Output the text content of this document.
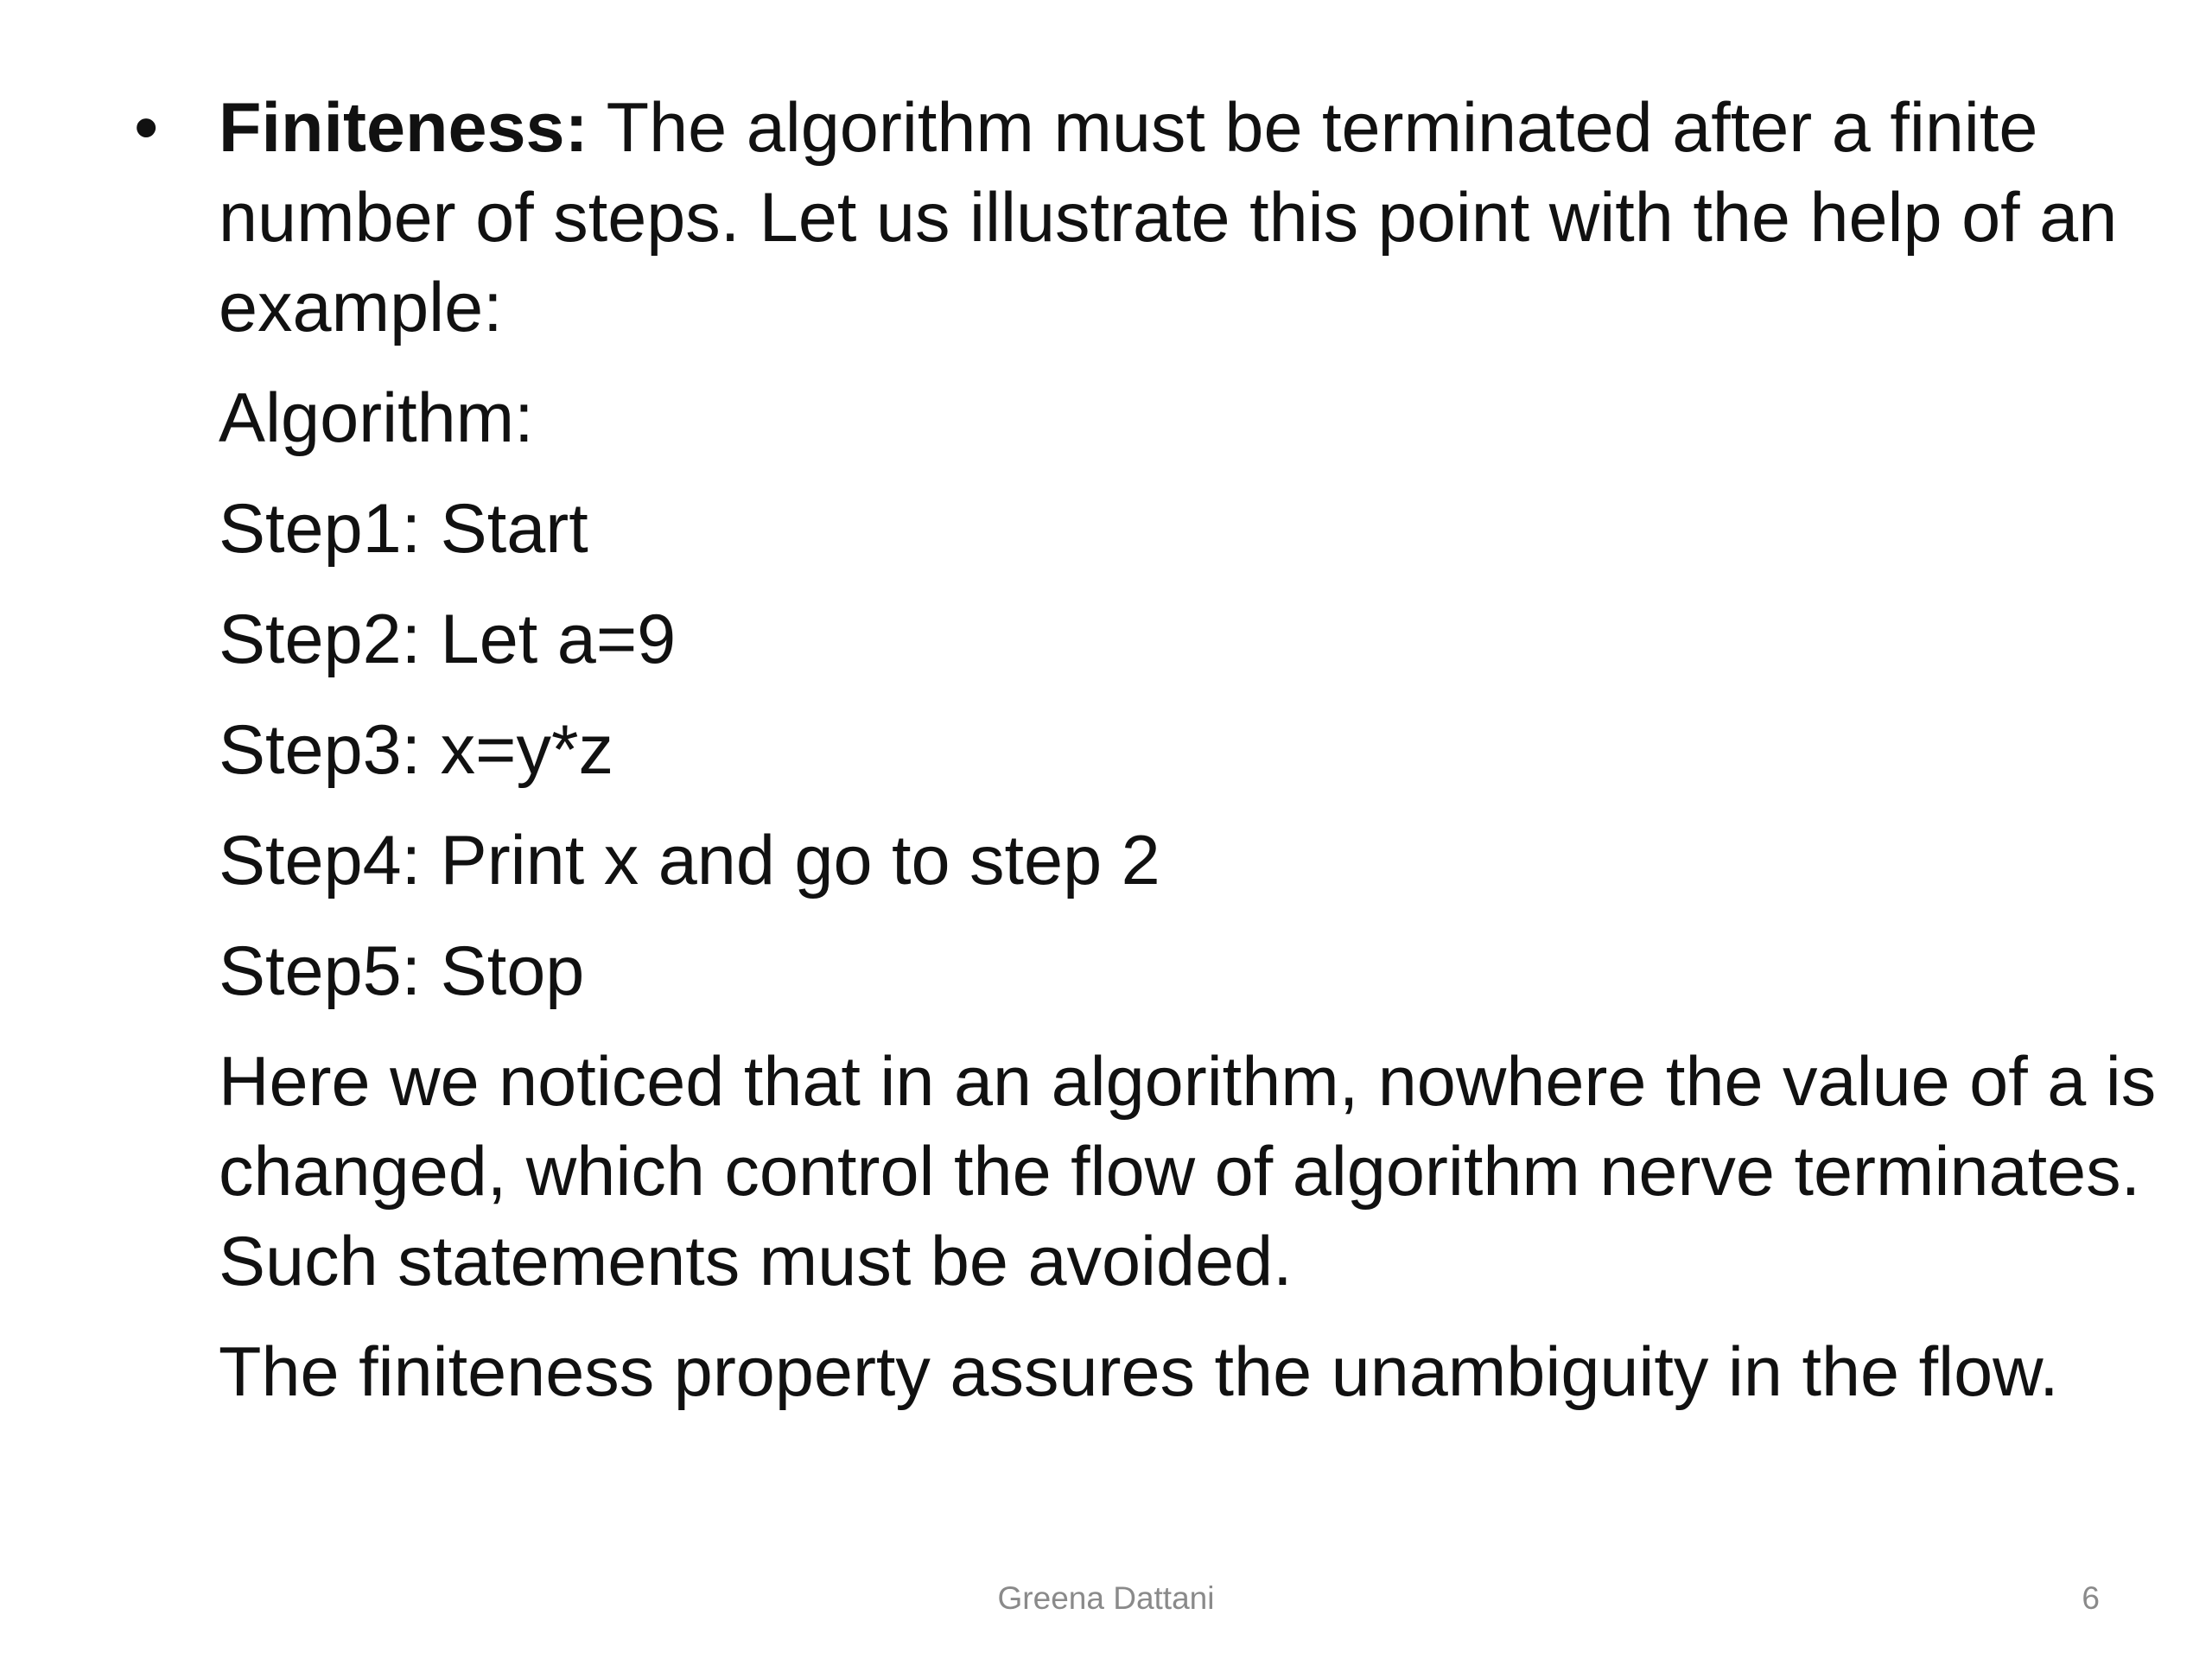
• Finiteness: The algorithm must be terminated after a finite number of steps. Let us illustrate this point with the help of an example:

Algorithm:

Step1: Start

Step2: Let a=9

Step3: x=y*z

Step4: Print x and go to step 2

Step5: Stop

Here we noticed that in an algorithm, nowhere the value of a is changed, which control the flow of algorithm nerve terminates. Such statements must be avoided.

The finiteness property assures the unambiguity in the flow.

Greena Dattani	6
